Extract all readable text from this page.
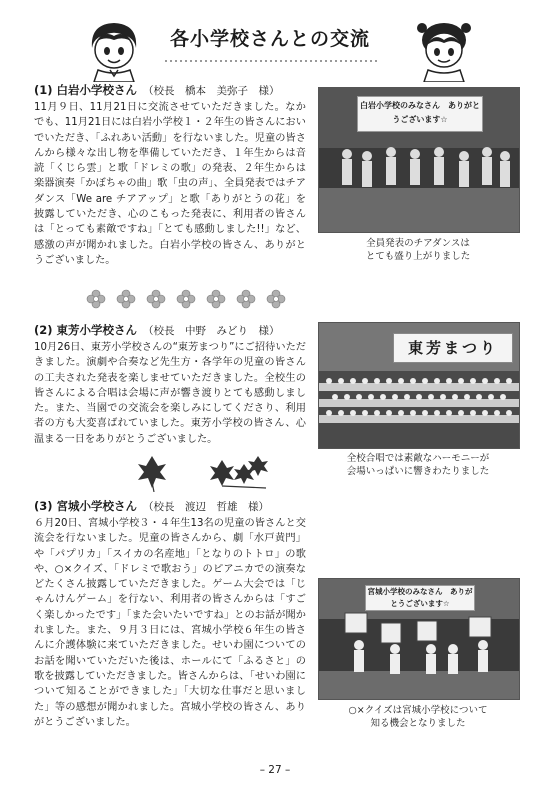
各小学校さんとの交流
(1) 白岩小学校さん （校長　橋本　美弥子　様）

11月９日、11月21日に交流させていただきました。なかでも、11月21日には白岩小学校１・２年生の皆さんにおいでいただき、「ふれあい活動」を行ないました。児童の皆さんから様々な出し物を準備していただき、１年生からは音読「くじら雲」と歌「ドレミの歌」の発表、２年生からは楽器演奏「かぼちゃの曲」歌「虫の声」、全員発表ではチアダンス「We are チアアップ」と歌「ありがとうの花」を披露していただき、心のこもった発表に、利用者の皆さんは「とっても素敵ですね」「とても感動しました!!」など、感激の声が聞かれました。白岩小学校の皆さん、ありがとうございました。

白岩小学校のみなさん　ありがとうございます☆
全員発表のチアダンスは
とても盛り上がりました
(2) 東芳小学校さん （校長　中野　みどり　様）

10月26日、東芳小学校さんの“東芳まつり”にご招待いただきました。演劇や合奏など先生方・各学年の児童の皆さんの工夫された発表を楽しませていただきました。全校生の皆さんによる合唱は会場に声が響き渡りとても感動しました。また、当園での交流会を楽しみにしてくださり、利用者の方も大変喜ばれていました。東芳小学校の皆さん、心温まる一日をありがとうございました。

東芳まつり
全校合唱では素敵なハーモニーが
会場いっぱいに響きわたりました
(3) 宮城小学校さん （校長　渡辺　哲雄　様）

６月20日、宮城小学校３・４年生13名の児童の皆さんと交流会を行ないました。児童の皆さんから、劇「水戸黄門」や「パプリカ」「スイカの名産地」「となりのトトロ」の歌や、○×クイズ、「ドレミで歌おう」のピアニカでの演奏などたくさん披露していただきました。ゲーム大会では「じゃんけんゲーム」を行ない、利用者の皆さんからは「すごく楽しかったです」「また会いたいですね」とのお話が聞かれました。また、９月３日には、宮城小学校６年生の皆さんに介護体験に来ていただきました。せいわ園についてのお話を聞いていただいた後は、ホールにて「ふるさと」の歌を披露していただきました。皆さんからは、「せいわ園について知ることができました」「大切な仕事だと思いました」等の感想が聞かれました。宮城小学校の皆さん、ありがとうございました。

宮城小学校のみなさん　ありがとうございます☆
○×クイズは宮城小学校について
知る機会となりました
– 27 –
